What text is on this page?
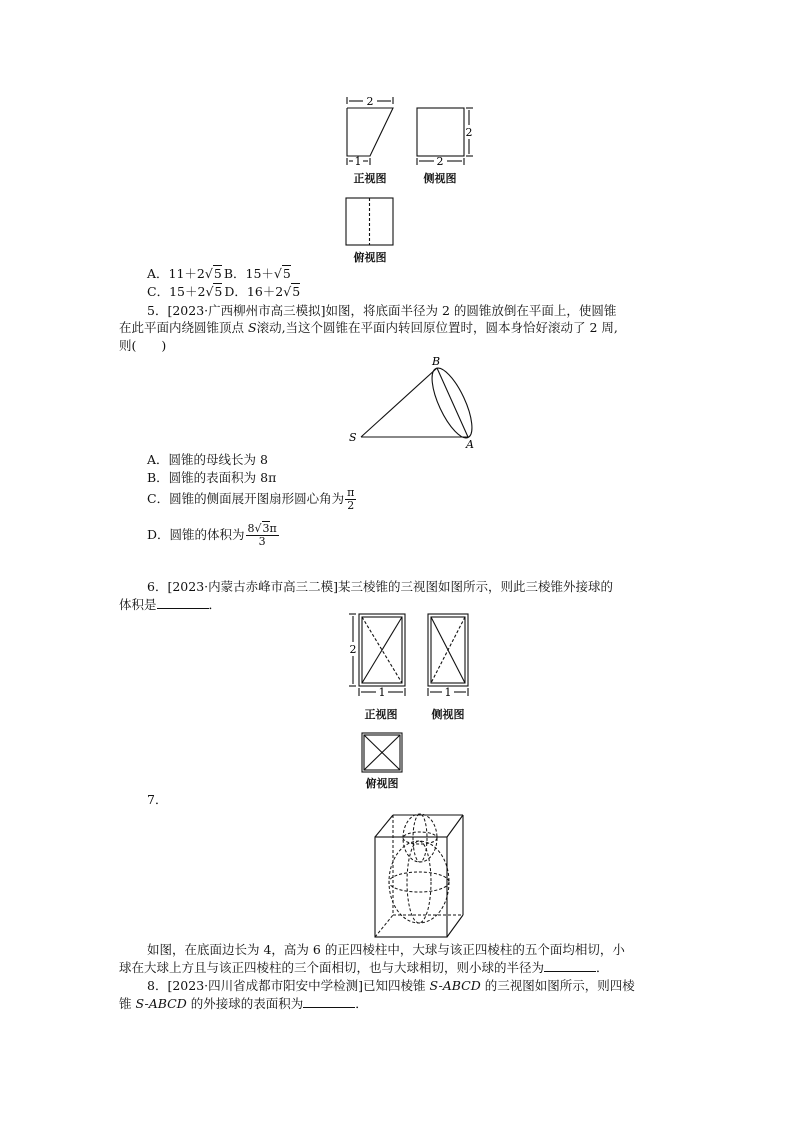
2
1	2
2
正视图	侧视图
俯视图
A．11＋2√5 B．15＋√5
C．15＋2√5 D．16＋2√5
5．[2023·广西柳州市高三模拟]如图，将底面半径为 2 的圆锥放倒在平面上，使圆锥
在此平面内绕圆锥顶点 S滚动,当这个圆锥在平面内转回原位置时，圆本身恰好滚动了 2 周,
则(　　)
S
A
B
A．圆锥的母线长为 8
B．圆锥的表面积为 8π
C．圆锥的侧面展开图扇形圆心角为 $\frac{\pi}{2}$
D．圆锥的体积为 $\frac{8√3\pi}{3}$
6．[2023·内蒙古赤峰市高三二模]某三棱锥的三视图如图所示，则此三棱锥外接球的
体积是	．
2
1	1
正视图	侧视图
俯视图
7．
如图，在底面边长为 4，高为 6 的正四棱柱中，大球与该正四棱柱的五个面均相切，小
球在大球上方且与该正四棱柱的三个面相切，也与大球相切，则小球的半径为	．
8．[2023·四川省成都市阳安中学检测]已知四棱锥 S-ABCD 的三视图如图所示，则四棱
锥 S-ABCD 的外接球的表面积为	．
